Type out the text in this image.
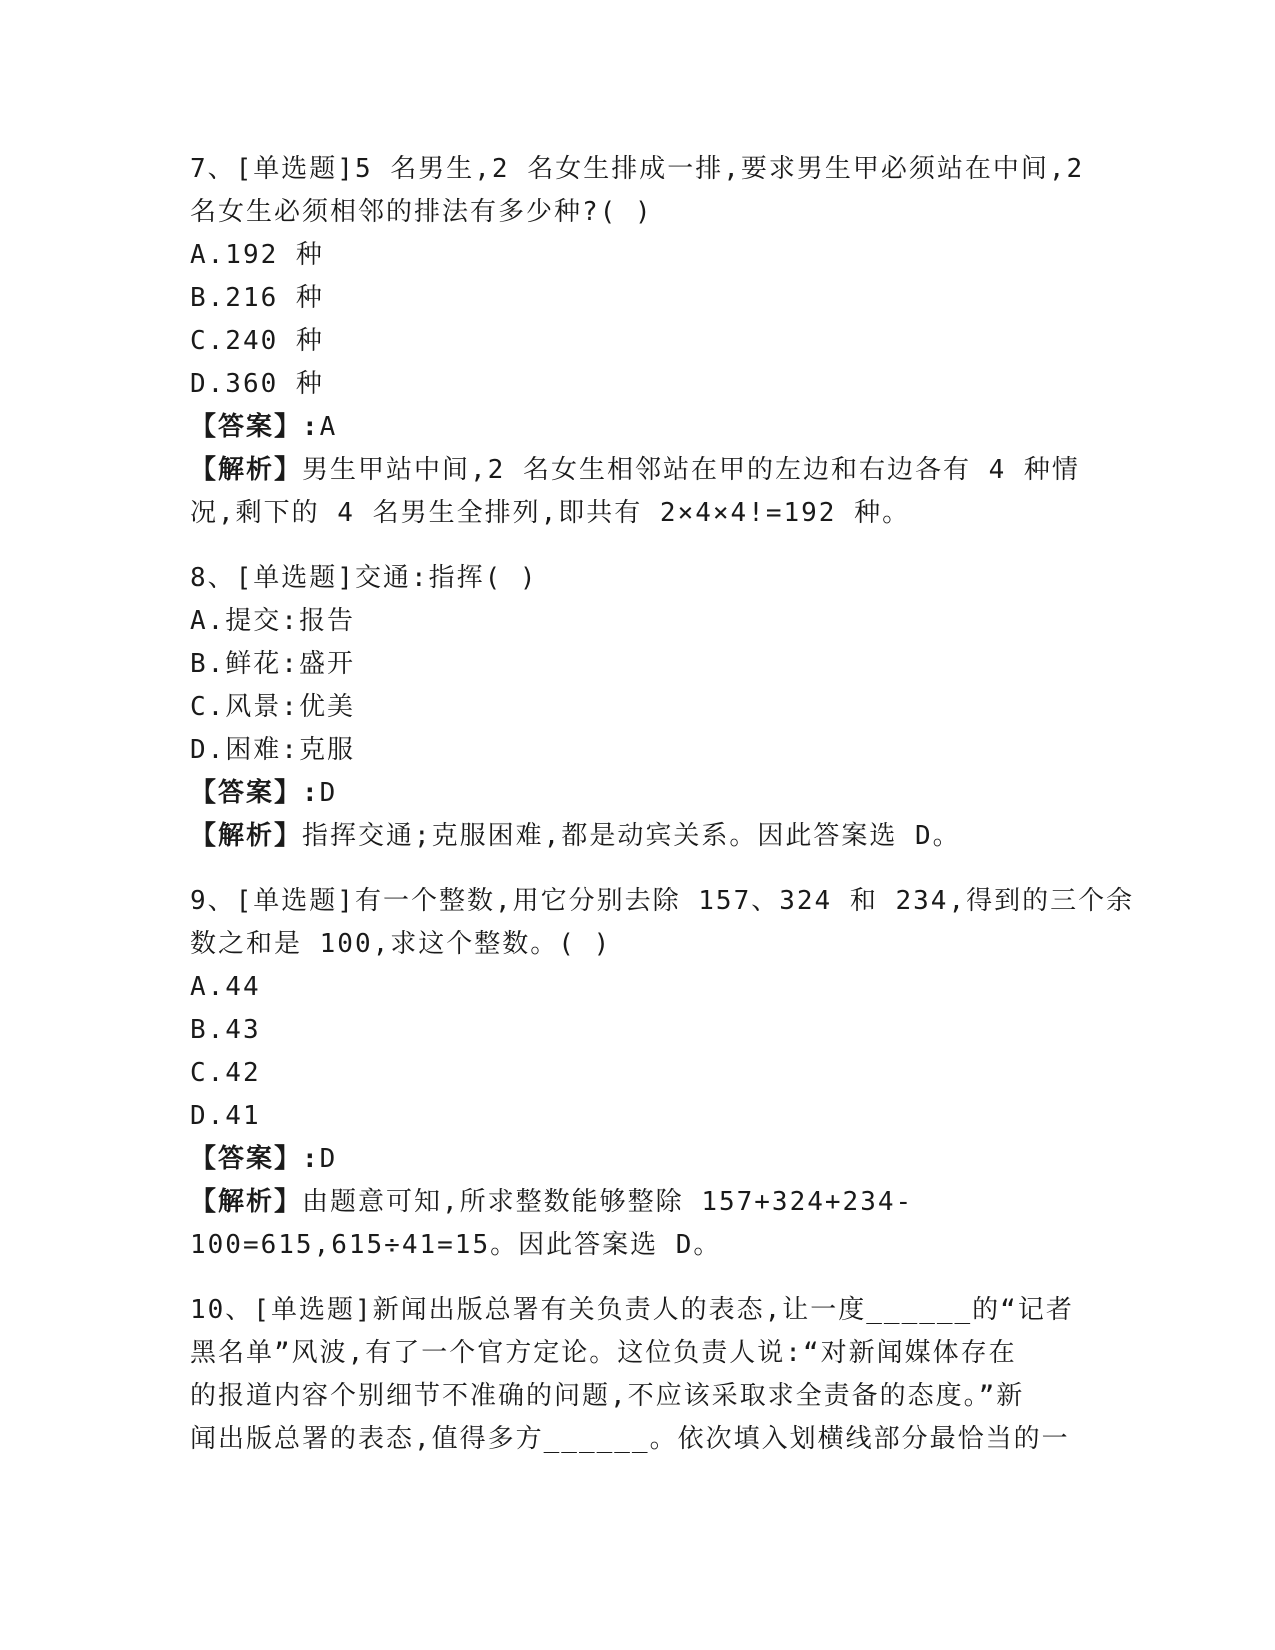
7、[单选题]5 名男生,2 名女生排成一排,要求男生甲必须站在中间,2
名女生必须相邻的排法有多少种?( )
A.192 种
B.216 种
C.240 种
D.360 种
【答案】:A
【解析】男生甲站中间,2 名女生相邻站在甲的左边和右边各有 4 种情
况,剩下的 4 名男生全排列,即共有 2×4×4!=192 种。
8、[单选题]交通:指挥( )
A.提交:报告
B.鲜花:盛开
C.风景:优美
D.困难:克服
【答案】:D
【解析】指挥交通;克服困难,都是动宾关系。因此答案选 D。
9、[单选题]有一个整数,用它分别去除 157、324 和 234,得到的三个余
数之和是 100,求这个整数。( )
A.44
B.43
C.42
D.41
【答案】:D
【解析】由题意可知,所求整数能够整除 157+324+234-
100=615,615÷41=15。因此答案选 D。
10、[单选题]新闻出版总署有关负责人的表态,让一度______的“记者
黑名单”风波,有了一个官方定论。这位负责人说:“对新闻媒体存在
的报道内容个别细节不准确的问题,不应该采取求全责备的态度。”新
闻出版总署的表态,值得多方______。依次填入划横线部分最恰当的一
